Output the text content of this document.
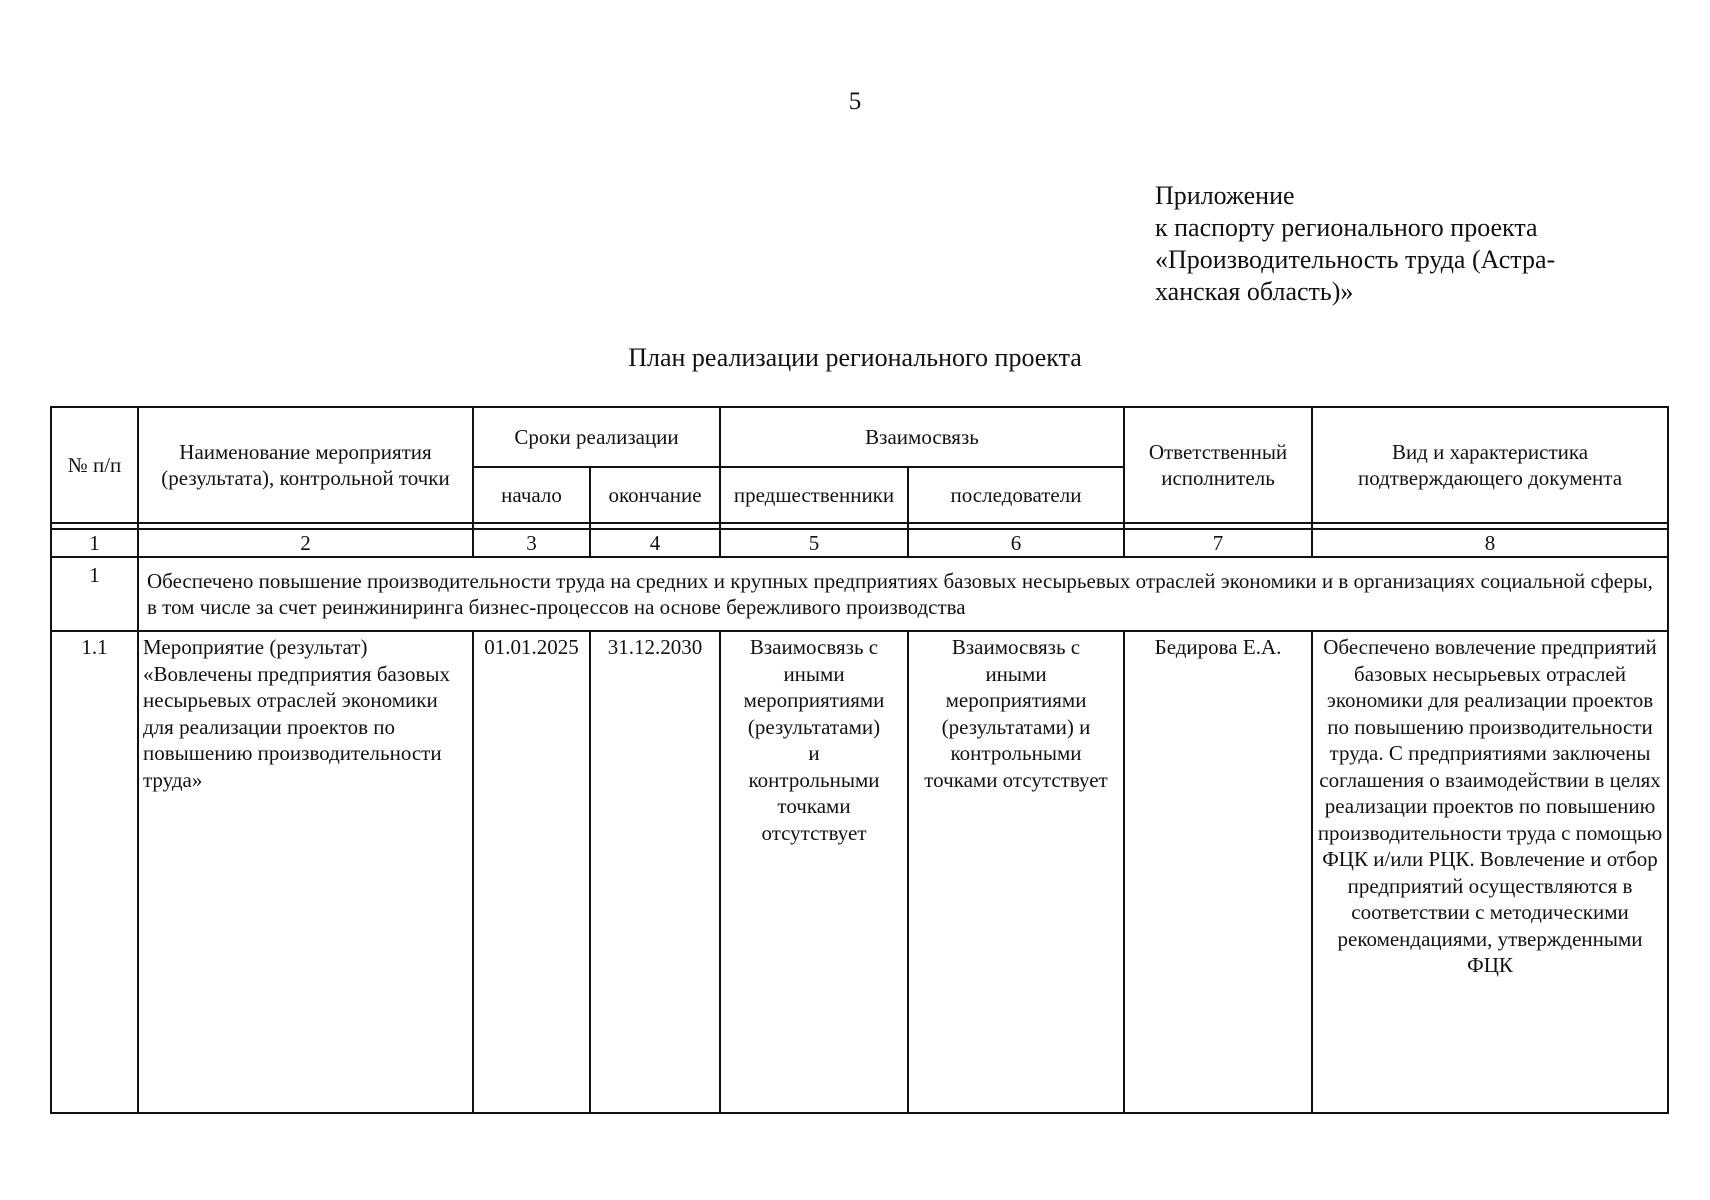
5
Приложение
к паспорту регионального проекта
«Производительность труда (Астра-
ханская область)»
План реализации регионального проекта
№ п/п	Наименование мероприятия (результата), контрольной точки	Сроки реализации		Взаимосвязь		Ответственный исполнитель	Вид и характеристика подтверждающего документа
		начало	окончание	предшественники	последователи		

1	2	3	4	5	6	7	8
1	Обеспечено повышение производительности труда на средних и крупных предприятиях базовых несырьевых отраслей экономики и в организациях социальной сферы, в том числе за счет реинжиниринга бизнес-процессов на основе бережливого производства						
1.1	Мероприятие (результат) «Вовлечены предприятия базовых несырьевых отраслей экономики для реализации проектов по повышению производительности труда»	01.01.2025	31.12.2030	Взаимосвязь с иными мероприятиями (результатами) и контрольными точками отсутствует	Взаимосвязь с иными мероприятиями (результатами) и контрольными точками отсутствует	Бедирова Е.А.	Обеспечено вовлечение предприятий базовых несырьевых отраслей экономики для реализации проектов по повышению производительности труда. С предприятиями заключены соглашения о взаимодействии в целях реализации проектов по повышению производительности труда с помощью ФЦК и/или РЦК. Вовлечение и отбор предприятий осуществляются в соответствии с методическими рекомендациями, утвержденными ФЦК
